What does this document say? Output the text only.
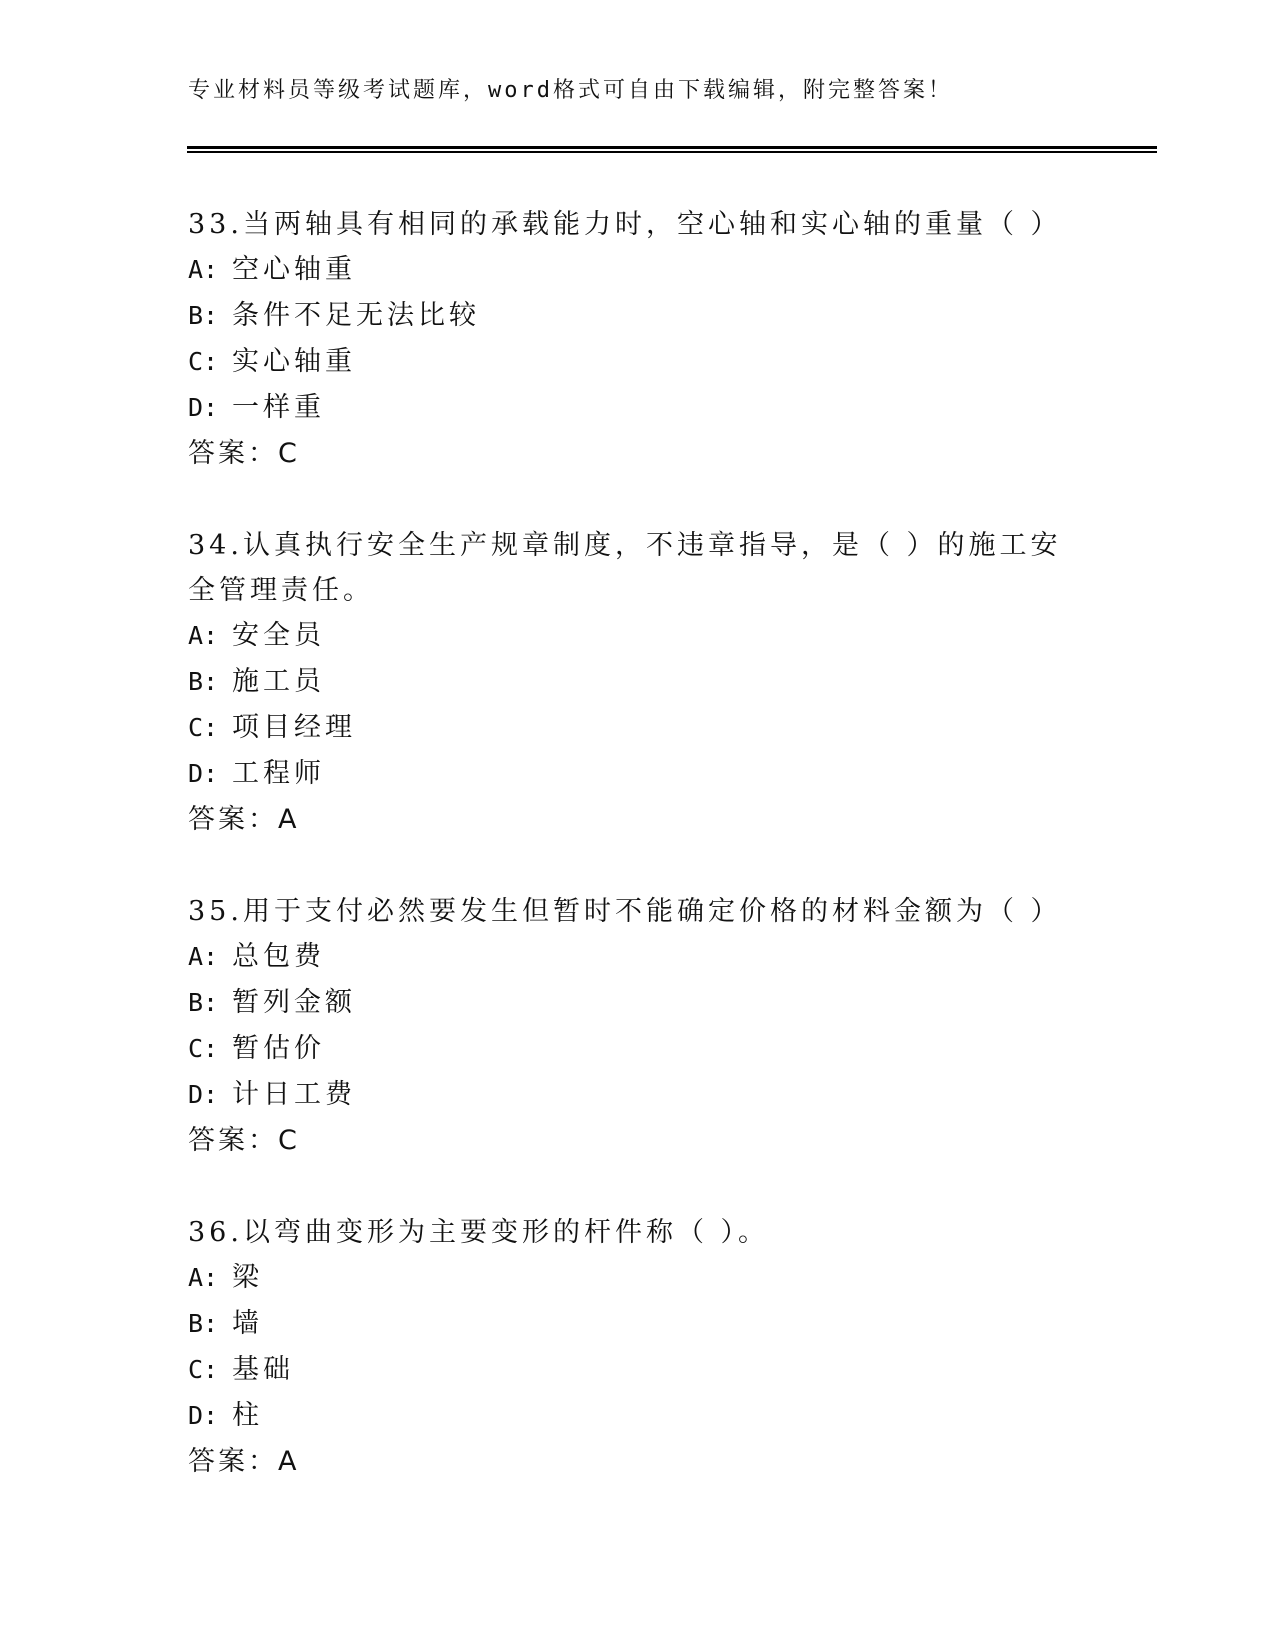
专业材料员等级考试题库，word格式可自由下载编辑，附完整答案！
33.当两轴具有相同的承载能力时，空心轴和实心轴的重量（ ）
A: 空心轴重
B: 条件不足无法比较
C: 实心轴重
D: 一样重
答案：C
34.认真执行安全生产规章制度，不违章指导，是（ ）的施工安全管理责任。
A: 安全员
B: 施工员
C: 项目经理
D: 工程师
答案：A
35.用于支付必然要发生但暂时不能确定价格的材料金额为（ ）
A: 总包费
B: 暂列金额
C: 暂估价
D: 计日工费
答案：C
36.以弯曲变形为主要变形的杆件称（ ）。
A: 梁
B: 墙
C: 基础
D: 柱
答案：A
